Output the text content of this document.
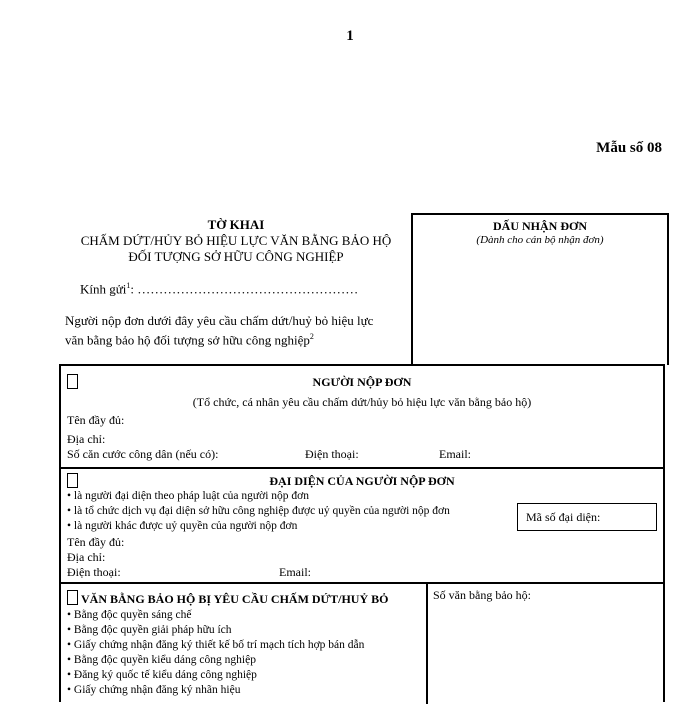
1
Mẫu số 08
TỜ KHAI
CHẤM DỨT/HỦY BỎ HIỆU LỰC VĂN BẰNG BẢO HỘ
ĐỐI TƯỢNG SỞ HỮU CÔNG NGHIỆP
Kính gửi$^1$: ……………………………………………
Người nộp đơn dưới đây yêu cầu chấm dứt/huỷ bỏ hiệu lực
văn bằng bảo hộ đối tượng sở hữu công nghiệp$^2$
DẤU NHẬN ĐƠN
(Dành cho cán bộ nhận đơn)
NGƯỜI NỘP ĐƠN
(Tổ chức, cá nhân yêu cầu chấm dứt/hủy bỏ hiệu lực văn bằng bảo hộ)
Tên đầy đủ:
Địa chỉ:
Số căn cước công dân (nếu có):	Điện thoại:	Email:
ĐẠI DIỆN CỦA NGƯỜI NỘP ĐƠN
• là người đại diện theo pháp luật của người nộp đơn
• là tổ chức dịch vụ đại diện sở hữu công nghiệp được uỷ quyền của người nộp đơn
• là người khác được uỷ quyền của người nộp đơn
Mã số đại diện:
Tên đầy đủ:
Địa chỉ:
Điện thoại:	Email:
VĂN BẰNG BẢO HỘ BỊ YÊU CẦU CHẤM DỨT/HUỶ BỎ	Số văn bằng bảo hộ:
• Bằng độc quyền sáng chế
• Bằng độc quyền giải pháp hữu ích
• Giấy chứng nhận đăng ký thiết kế bố trí mạch tích hợp bán dẫn
• Bằng độc quyền kiểu dáng công nghiệp
• Đăng ký quốc tế kiểu dáng công nghiệp
• Giấy chứng nhận đăng ký nhãn hiệu
